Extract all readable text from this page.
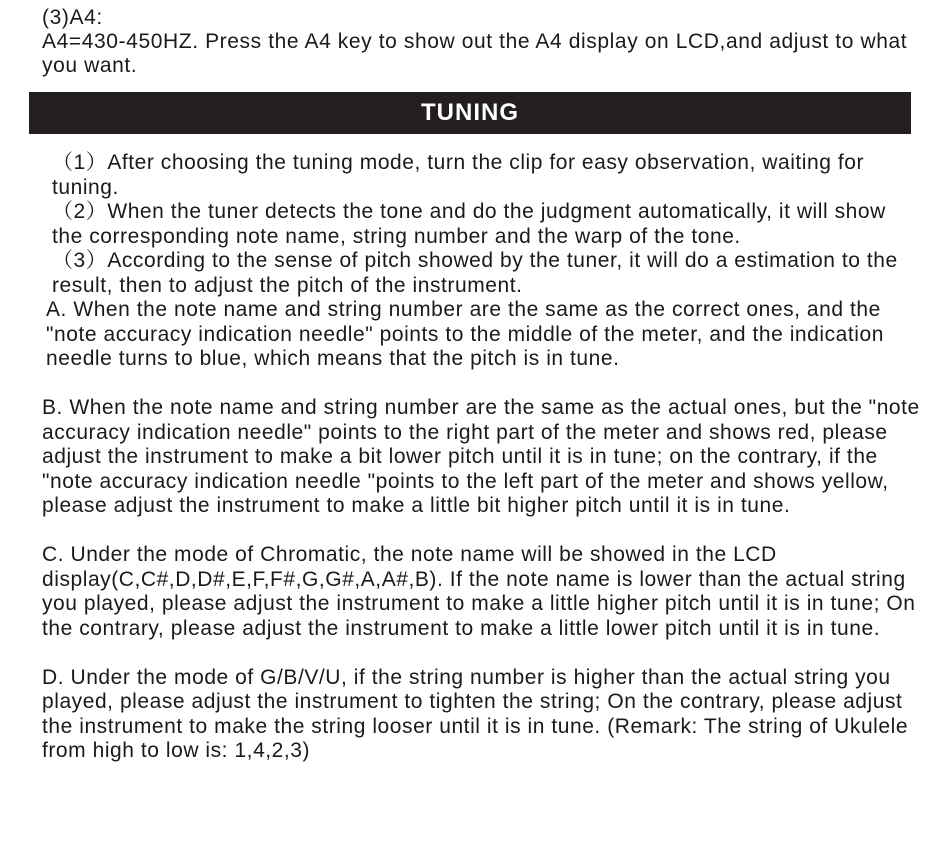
(3)A4:

A4=430-450HZ. Press the A4 key to show out the A4 display on LCD,and adjust to what you want.

TUNING

（1）After choosing the tuning mode, turn the clip for easy observation, waiting for tuning.

（2）When the tuner detects the tone and do the judgment automatically, it will show the corresponding note name, string number and the warp of the tone.

（3）According to the sense of pitch showed by the tuner, it will do a estimation to the result, then to adjust the pitch of the instrument.

A. When the note name and string number are the same as the correct ones, and the "note accuracy indication needle" points to the middle of the meter, and the indication needle turns to blue, which means that the pitch is in tune.

B. When the note name and string number are the same as the actual ones, but the "note accuracy indication needle" points to the right part of the meter and shows red, please adjust the instrument to make a bit lower pitch until it is in tune; on the contrary, if the "note accuracy indication needle "points to the left part of the meter and shows yellow, please adjust the instrument to make a little bit higher pitch until it is in tune.

C. Under the mode of Chromatic, the note name will be showed in the LCD display(C,C#,D,D#,E,F,F#,G,G#,A,A#,B). If the note name is lower than the actual string you played, please adjust the instrument to make a little higher pitch until it is in tune; On the contrary, please adjust the instrument to make a little lower pitch until it is in tune.

D. Under the mode of G/B/V/U, if the string number is higher than the actual string you played, please adjust the instrument to tighten the string; On the contrary, please adjust the instrument to make the string looser until it is in tune. (Remark: The string of Ukulele from high to low is: 1,4,2,3)
